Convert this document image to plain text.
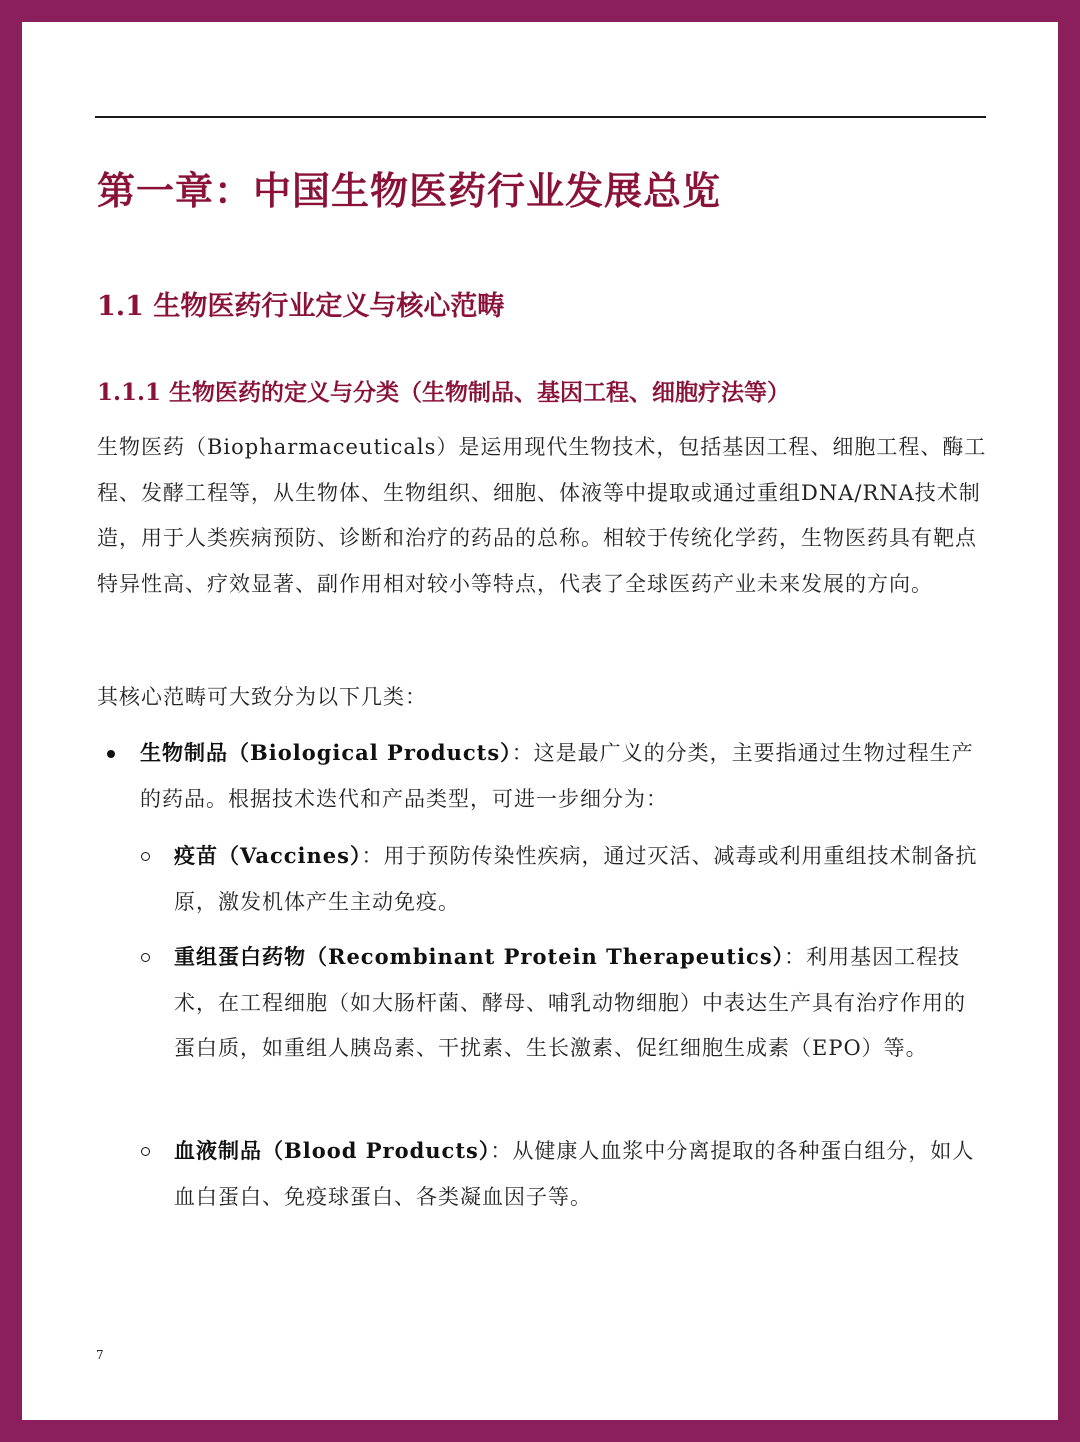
第一章：中国生物医药行业发展总览
1.1 生物医药行业定义与核心范畴
1.1.1 生物医药的定义与分类（生物制品、基因工程、细胞疗法等）

生物医药（Biopharmaceuticals）是运用现代生物技术，包括基因工程、细胞工程、酶工程、发酵工程等，从生物体、生物组织、细胞、体液等中提取或通过重组DNA/RNA技术制造，用于人类疾病预防、诊断和治疗的药品的总称。相较于传统化学药，生物医药具有靶点特异性高、疗效显著、副作用相对较小等特点，代表了全球医药产业未来发展的方向。

其核心范畴可大致分为以下几类：

生物制品（Biological Products）：这是最广义的分类，主要指通过生物过程生产的药品。根据技术迭代和产品类型，可进一步细分为：
疫苗（Vaccines）：用于预防传染性疾病，通过灭活、减毒或利用重组技术制备抗原，激发机体产生主动免疫。
重组蛋白药物（Recombinant Protein Therapeutics）：利用基因工程技术，在工程细胞（如大肠杆菌、酵母、哺乳动物细胞）中表达生产具有治疗作用的蛋白质，如重组人胰岛素、干扰素、生长激素、促红细胞生成素（EPO）等。
血液制品（Blood Products）：从健康人血浆中分离提取的各种蛋白组分，如人血白蛋白、免疫球蛋白、各类凝血因子等。
7
